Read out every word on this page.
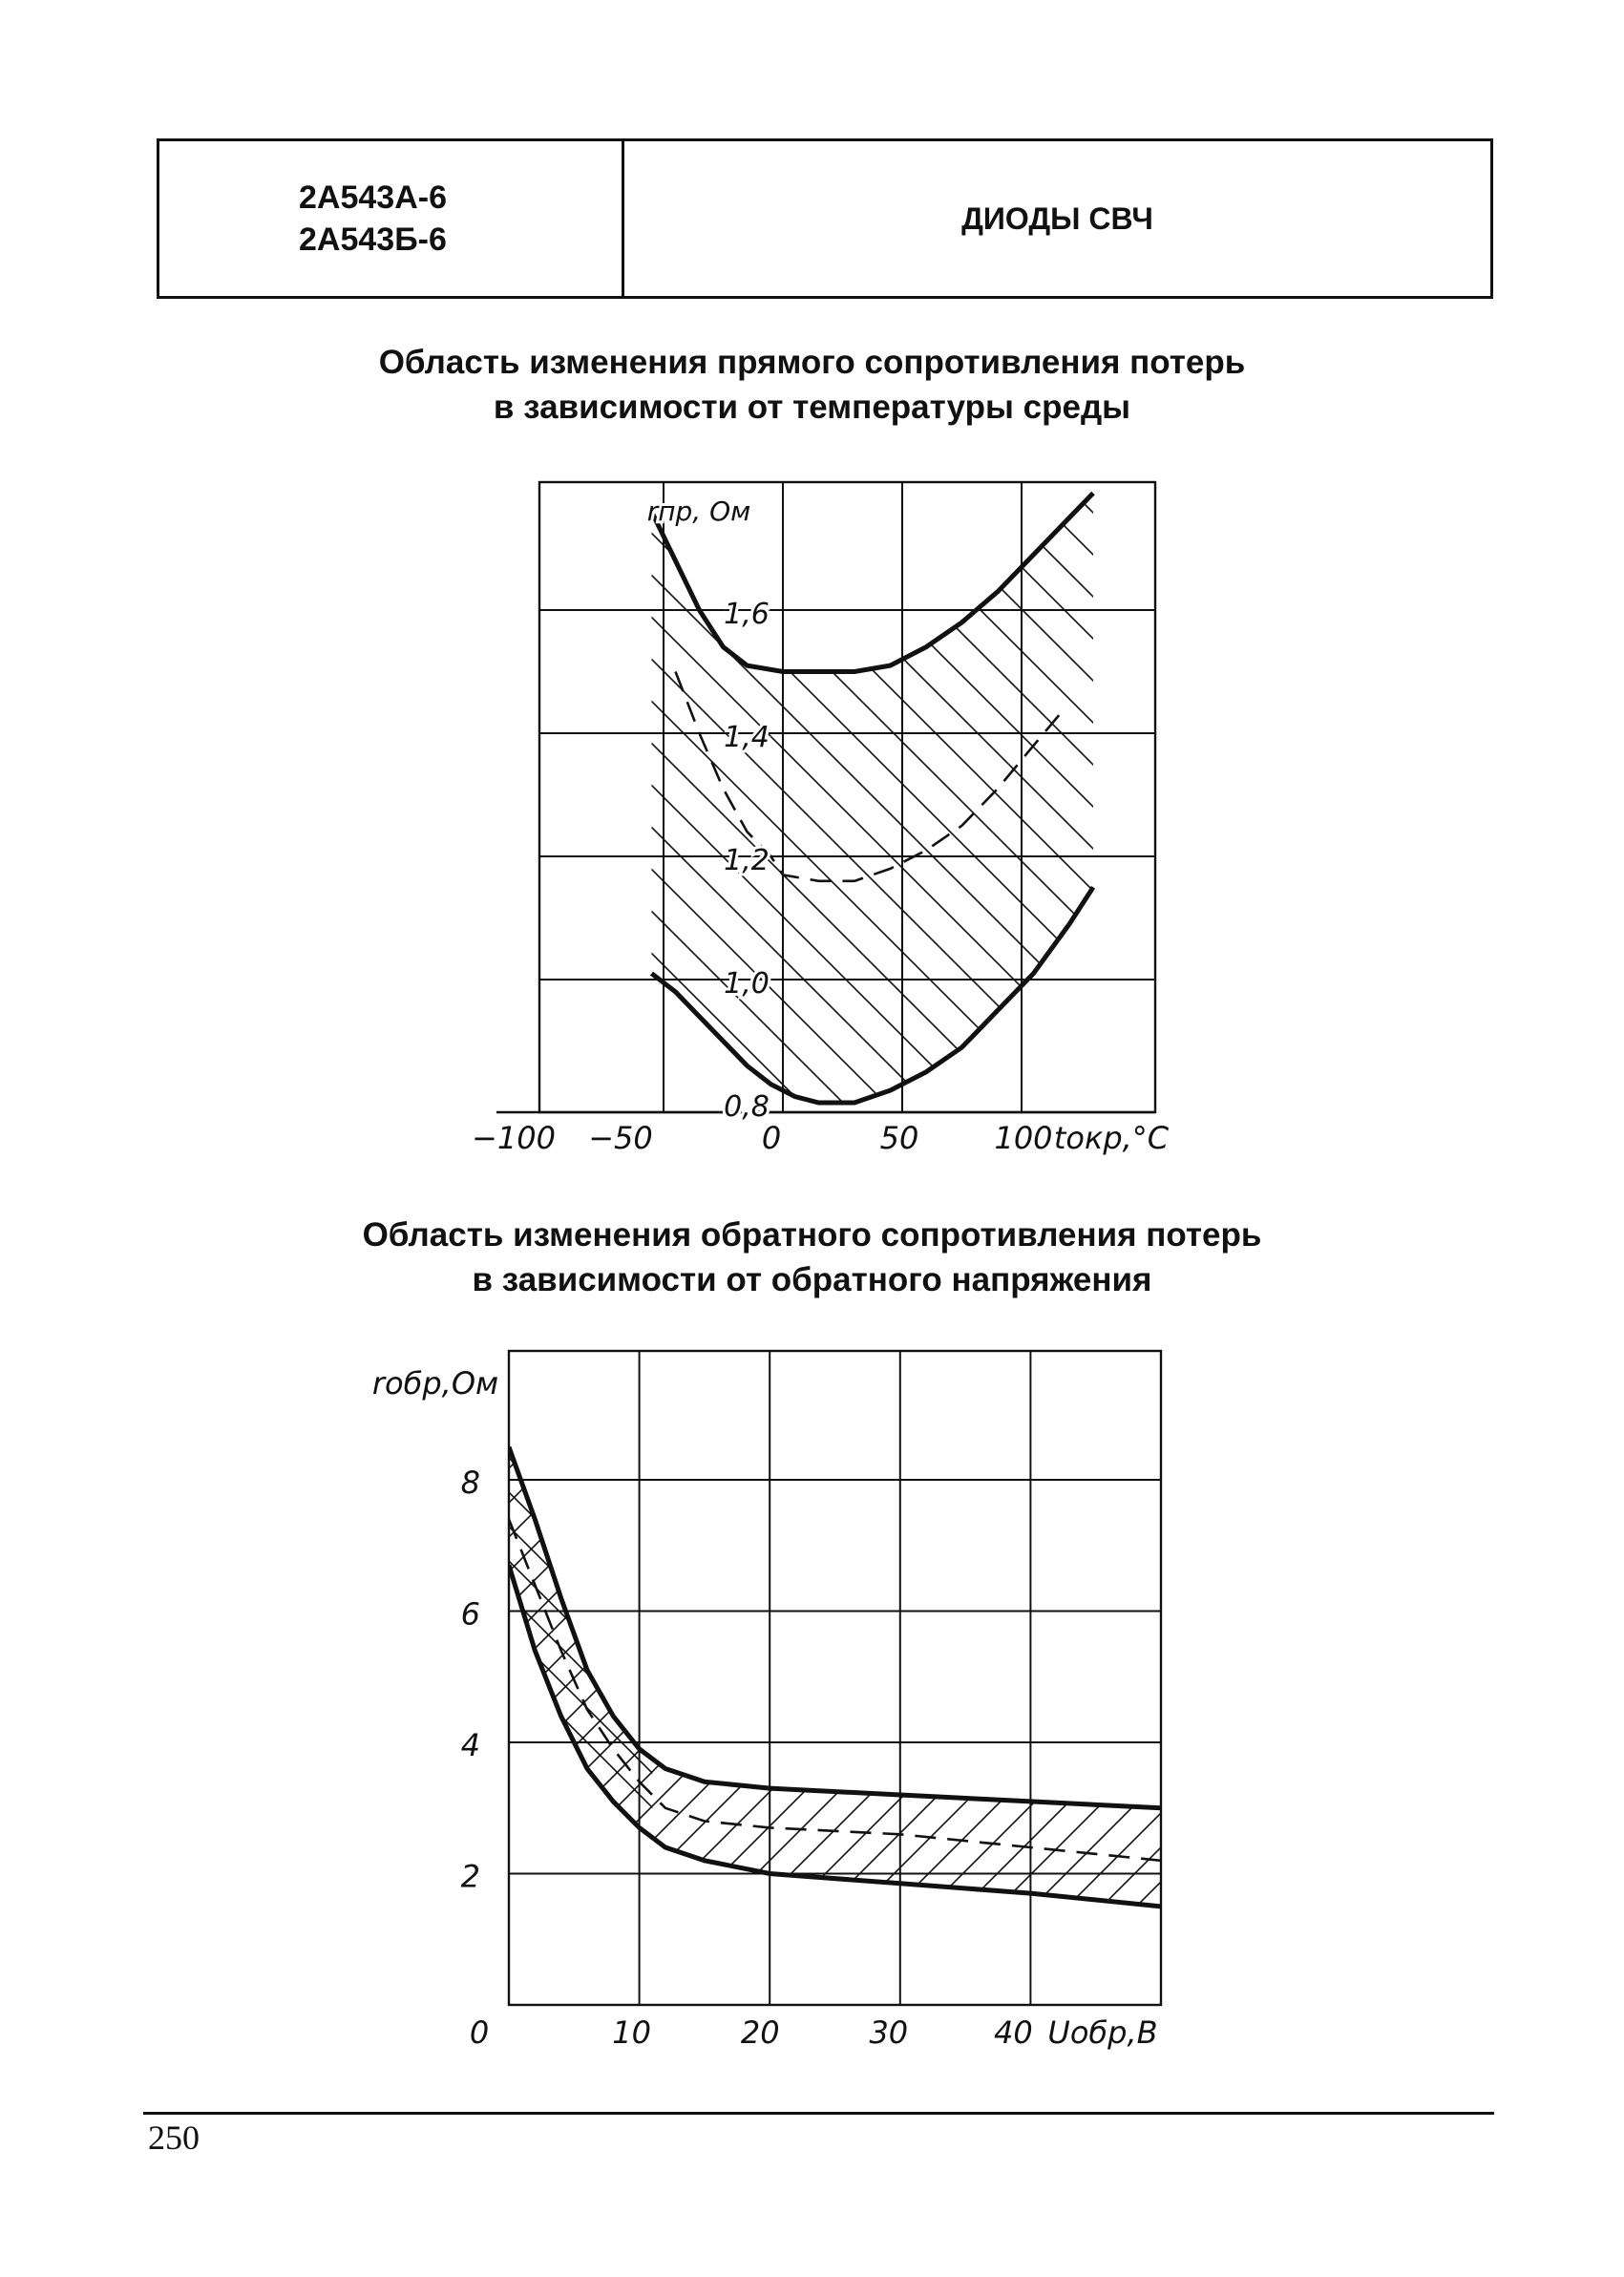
2А543А-6
2А543Б-6
ДИОДЫ СВЧ
Область изменения прямого сопротивления потерь
в зависимости от температуры среды
Область изменения обратного сопротивления потерь
в зависимости от обратного напряжения
0,8
1,0
1,2
1,4
1,6
rпр, Ом
−100 −50	0	50 100 tокр,°С
2
4
6
8
rобр,Ом
0	10	20	30	40 Uобр,В
250
